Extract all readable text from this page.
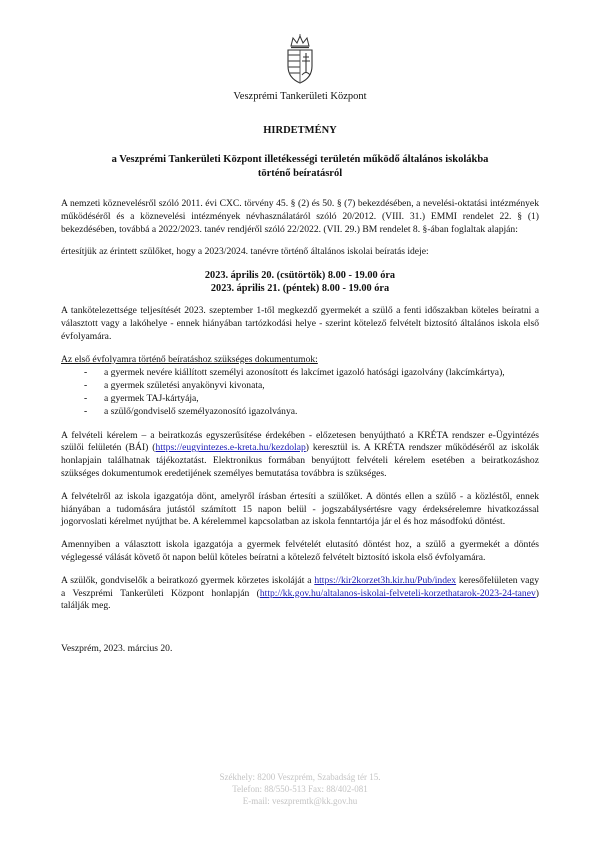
Veszprémi Tankerületi Központ
HIRDETMÉNY
a Veszprémi Tankerületi Központ illetékességi területén működő általános iskolákba
történő beíratásról

A nemzeti köznevelésről szóló 2011. évi CXC. törvény 45. § (2) és 50. § (7) bekezdésében, a nevelési-oktatási intézmények működéséről és a köznevelési intézmények névhasználatáról szóló 20/2012. (VIII. 31.) EMMI rendelet 22. § (1) bekezdésében, továbbá a 2022/2023. tanév rendjéről szóló 22/2022. (VII. 29.) BM rendelet 8. §-ában foglaltak alapján:

értesítjük az érintett szülőket, hogy a 2023/2024. tanévre történő általános iskolai beíratás ideje:

2023. április 20. (csütörtök) 8.00 - 19.00 óra
2023. április 21. (péntek) 8.00 - 19.00 óra

A tankötelezettsége teljesítését 2023. szeptember 1-től megkezdő gyermekét a szülő a fenti időszakban köteles beíratni a választott vagy a lakóhelye - ennek hiányában tartózkodási helye - szerint kötelező felvételt biztosító általános iskola első évfolyamára.

Az első évfolyamra történő beíratáshoz szükséges dokumentumok:
- a gyermek nevére kiállított személyi azonosított és lakcímet igazoló hatósági igazolvány (lakcímkártya),
- a gyermek születési anyakönyvi kivonata,
- a gyermek TAJ-kártyája,
- a szülő/gondviselő személyazonosító igazolványa.

A felvételi kérelem – a beiratkozás egyszerűsítése érdekében - előzetesen benyújtható a KRÉTA rendszer e-Ügyintézés szülői felületén (BÁI) (https://eugyintezes.e-kreta.hu/kezdolap) keresztül is. A KRÉTA rendszer működéséről az iskolák honlapjain találhatnak tájékoztatást. Elektronikus formában benyújtott felvételi kérelem esetében a beiratkozáshoz szükséges dokumentumok eredetijének személyes bemutatása továbbra is szükséges.

A felvételről az iskola igazgatója dönt, amelyről írásban értesíti a szülőket. A döntés ellen a szülő - a közléstől, ennek hiányában a tudomására jutástól számított 15 napon belül - jogszabálysértésre vagy érdeksérelemre hivatkozással jogorvoslati kérelmet nyújthat be. A kérelemmel kapcsolatban az iskola fenntartója jár el és hoz másodfokú döntést.

Amennyiben a választott iskola igazgatója a gyermek felvételét elutasító döntést hoz, a szülő a gyermekét a döntés véglegessé válását követő öt napon belül köteles beíratni a kötelező felvételt biztosító iskola első évfolyamára.

A szülők, gondviselők a beiratkozó gyermek körzetes iskoláját a https://kir2korzet3h.kir.hu/Pub/index keresőfelületen vagy a Veszprémi Tankerületi Központ honlapján (http://kk.gov.hu/altalanos-iskolai-felveteli-korzethatarok-2023-24-tanev) találják meg.

Veszprém, 2023. március 20.
Székhely: 8200 Veszprém, Szabadság tér 15.
Telefon: 88/550-513 Fax: 88/402-081
E-mail: veszpremtk@kk.gov.hu
